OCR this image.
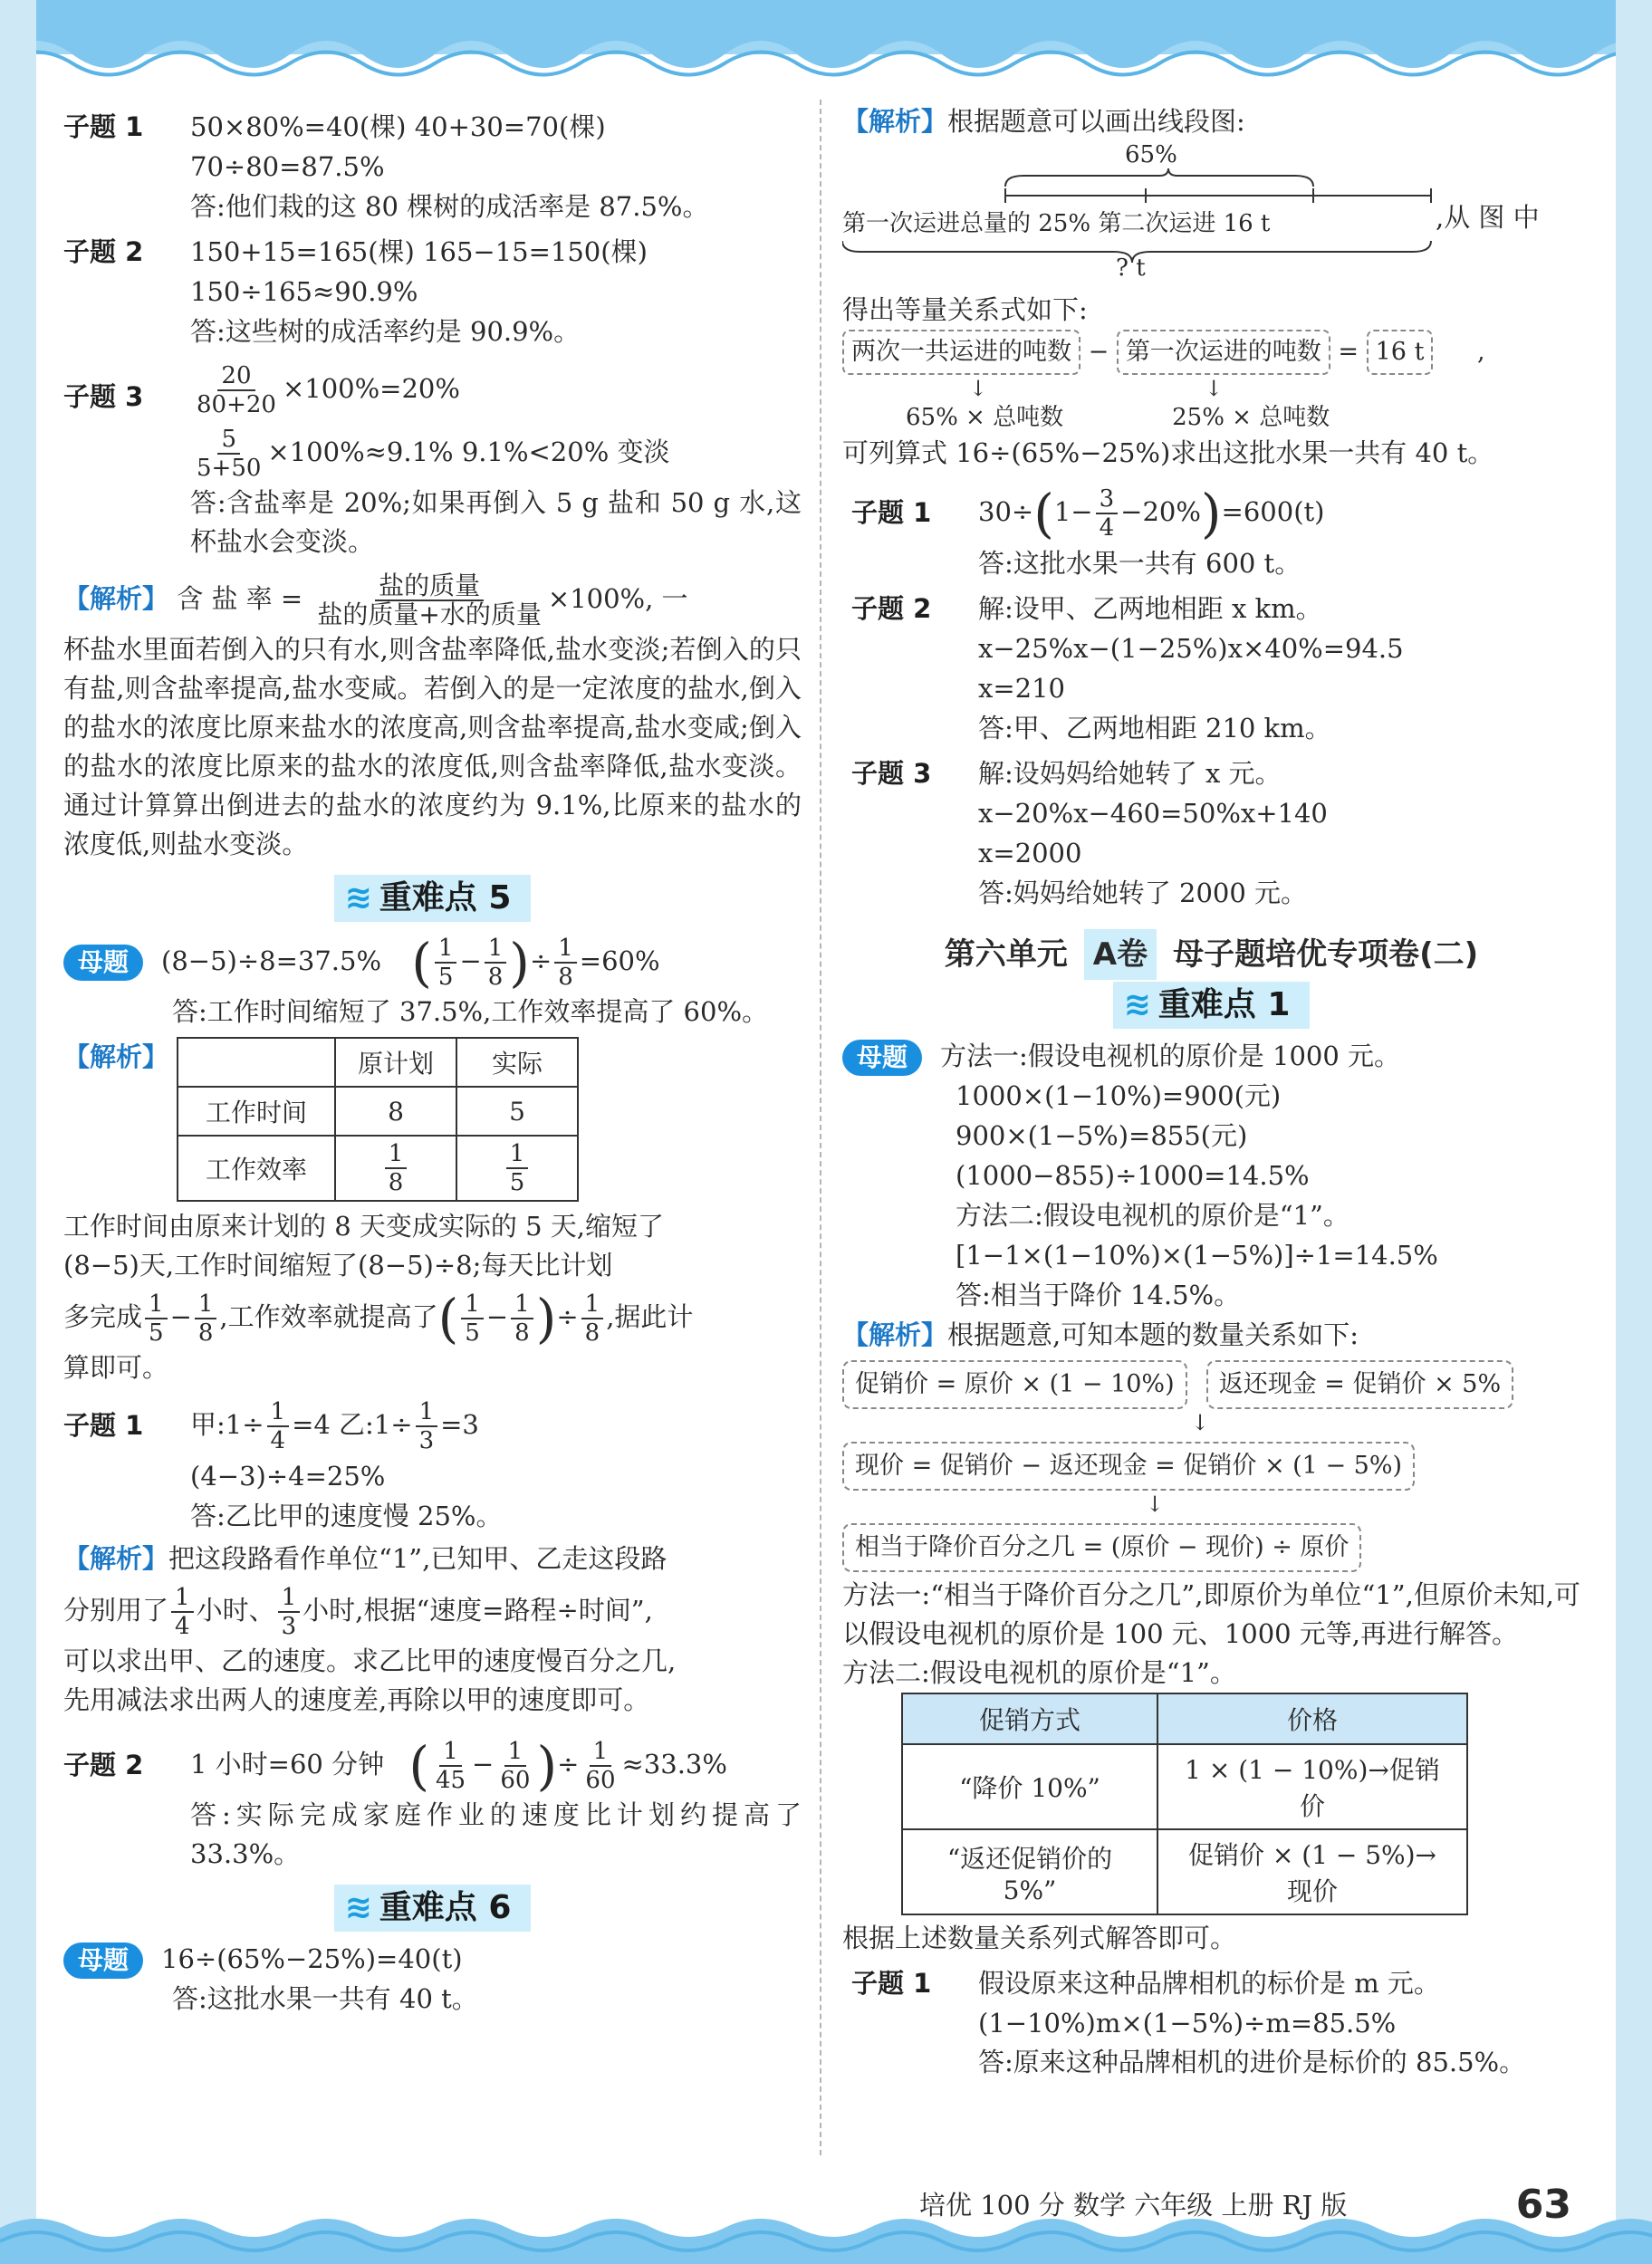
子题 1	50×80%=40(棵) 40+30=70(棵)
70÷80=87.5%
答:他们栽的这 80 棵树的成活率是 87.5%。
子题 2	150+15=165(棵) 165−15=150(棵)
150÷165≈90.9%
答:这些树的成活率约是 90.9%。
子题 3	$\frac{20}{80+20} \times 100\%=20\%$
$\frac{5}{5+50} \times 100\%\approx 9.1\%$ 9.1%<20% 变淡
答:含盐率是 20%;如果再倒入 5 g 盐和 50 g 水,这杯盐水会变淡。
【解析】 含 盐 率 = $\frac{\text{盐的质量}}{\text{盐的质量+水的质量}} \times 100\%$, 一
杯盐水里面若倒入的只有水,则含盐率降低,盐水变淡;若倒入的只有盐,则含盐率提高,盐水变咸。若倒入的是一定浓度的盐水,倒入的盐水的浓度比原来盐水的浓度高,则含盐率提高,盐水变咸;倒入的盐水的浓度比原来的盐水的浓度低,则含盐率降低,盐水变淡。通过计算算出倒进去的盐水的浓度约为 9.1%,比原来的盐水的浓度低,则盐水变淡。
≋ 重难点 5
母题 (8−5)÷8=37.5% ( $\frac{1}{5} - \frac{1}{8}$ )÷ $\frac{1}{8} =60\%$
答:工作时间缩短了 37.5%,工作效率提高了 60%。
【解析】
		原计划	实际
工作时间	8	5
工作效率	$\frac{1}{8}$	$\frac{1}{5}$
工作时间由原来计划的 8 天变成实际的 5 天,缩短了
(8−5)天,工作时间缩短了(8−5)÷8;每天比计划
多完成 $\frac{1}{5} - \frac{1}{8}$ ,工作效率就提高了( $\frac{1}{5} - \frac{1}{8}$ )÷ $\frac{1}{8}$ ,据此计
算即可。
子题 1	甲:1÷ $\frac{1}{4} =4$ 乙:1÷ $\frac{1}{3} =3$
(4−3)÷4=25%
答:乙比甲的速度慢 25%。
【解析】把这段路看作单位“1”,已知甲、乙走这段路
分别用了 $\frac{1}{4}$ 小时、 $\frac{1}{3}$ 小时,根据“速度=路程÷时间”,
可以求出甲、乙的速度。求乙比甲的速度慢百分之几,
先用减法求出两人的速度差,再除以甲的速度即可。
子题 2	1 小时=60 分钟 ( $\frac{1}{45} - \frac{1}{60}$ )÷ $\frac{1}{60} \approx 33.3\%$
答:实际完成家庭作业的速度比计划约提高了 33.3%。
≋ 重难点 6
母题 16÷(65%−25%)=40(t)
答:这批水果一共有 40 t。
【解析】根据题意可以画出线段图:
65%
第一次运进总量的 25% 第二次运进 16 t	,从 图 中
? t
得出等量关系式如下:
两次一共运进的吨数 − 第一次运进的吨数 = 16 t ,
↓	↓
65% × 总吨数	25% × 总吨数
可列算式 16÷(65%−25%)求出这批水果一共有 40 t。
子题 1	$30\div(1- \frac{3}{4} -20\%)=600(t)$
答:这批水果一共有 600 t。
子题 2	解:设甲、乙两地相距 x km。
x−25%x−(1−25%)x×40%=94.5
x=210
答:甲、乙两地相距 210 km。
子题 3	解:设妈妈给她转了 x 元。
x−20%x−460=50%x+140
x=2000
答:妈妈给她转了 2000 元。
第六单元 A卷 母子题培优专项卷(二)
≋ 重难点 1
母题 方法一:假设电视机的原价是 1000 元。
1000×(1−10%)=900(元)
900×(1−5%)=855(元)
(1000−855)÷1000=14.5%
方法二:假设电视机的原价是“1”。
[1−1×(1−10%)×(1−5%)]÷1=14.5%
答:相当于降价 14.5%。
【解析】根据题意,可知本题的数量关系如下:
促销价 = 原价 × (1 − 10%) 返还现金 = 促销价 × 5%
↓
现价 = 促销价 − 返还现金 = 促销价 × (1 − 5%)
↓
相当于降价百分之几 = (原价 − 现价) ÷ 原价
方法一:“相当于降价百分之几”,即原价为单位“1”,但原价未知,可以假设电视机的原价是 100 元、1000 元等,再进行解答。
方法二:假设电视机的原价是“1”。
促销方式	价格
“降价 10%”	1 × (1 − 10%)→促销价
“返还促销价的 5%”	促销价 × (1 − 5%)→现价
根据上述数量关系列式解答即可。
子题 1	假设原来这种品牌相机的标价是 m 元。
(1−10%)m×(1−5%)÷m=85.5%
答:原来这种品牌相机的进价是标价的 85.5%。
培优 100 分 数学 六年级 上册 RJ 版	63
